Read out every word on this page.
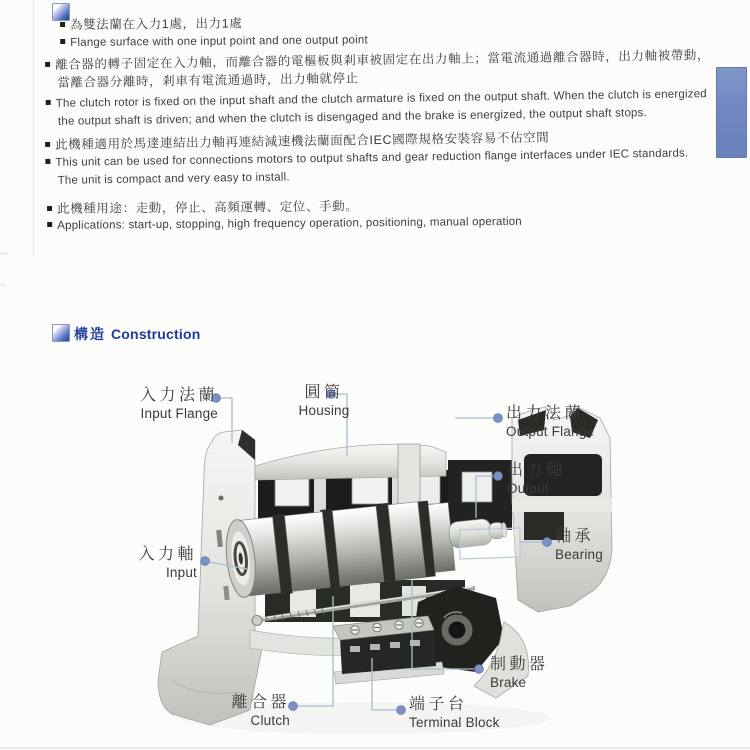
為雙法蘭在入力1處，出力1處
Flange surface with one input point and one output point
離合器的轉子固定在入力軸，而離合器的電樞板與剎車被固定在出力軸上；當電流通過離合器時，出力軸被帶動，
當離合器分離時，剎車有電流通過時，出力軸就停止
The clutch rotor is fixed on the input shaft and the clutch armature is fixed on the output shaft. When the clutch is energized
the output shaft is driven; and when the clutch is disengaged and the brake is energized, the output shaft stops.
此機種適用於馬達連結出力軸再連結減速機法蘭面配合IEC國際規格安裝容易不佔空間
This unit can be used for connections motors to output shafts and gear reduction flange interfaces under IEC standards.
The unit is compact and very easy to install.
此機種用途：走動，停止、高頻運轉、定位、手動。
Applications: start-up, stopping, high frequency operation, positioning, manual operation
構造 Construction
入力法蘭
Input Flange
圓筒
Housing	出力法蘭
Output Flange
出力軸
Output
軸承
Bearing
入力軸
Input
制動器
Brake
離合器
Clutch
端子台
Terminal Block
